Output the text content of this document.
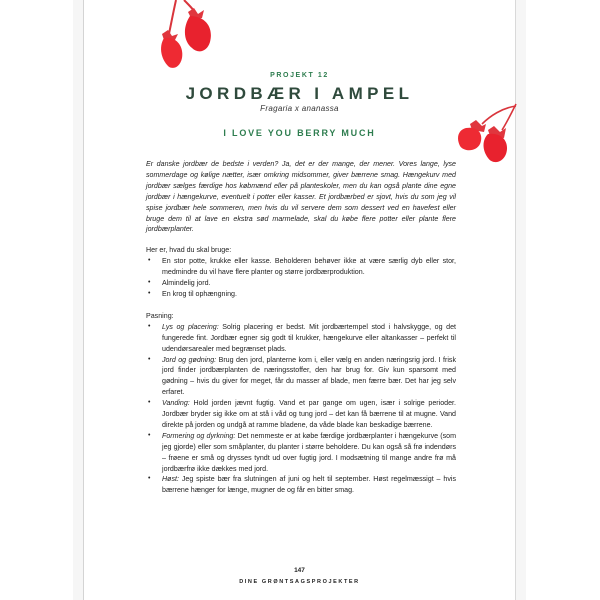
PROJEKT 12
JORDBÆR I AMPEL
Fragaria x ananassa
I LOVE YOU BERRY MUCH

Er danske jordbær de bedste i verden? Ja, det er der mange, der mener. Vores lange, lyse sommerdage og kølige nætter, især omkring midsommer, giver bærrene smag. Hængekurv med jordbær sælges færdige hos købmænd eller på planteskoler, men du kan også plante dine egne jordbær i hængekurve, eventuelt i potter eller kasser. Et jordbærbed er sjovt, hvis du som jeg vil spise jordbær hele sommeren, men hvis du vil servere dem som dessert ved en havefest eller bruge dem til at lave en ekstra sød marmelade, skal du købe flere potter eller plante flere jordbærplanter.

Her er, hvad du skal bruge:

• En stor potte, krukke eller kasse. Beholderen behøver ikke at være særlig dyb eller stor, medmindre du vil have flere planter og større jordbærproduktion.
• Almindelig jord.
• En krog til ophængning.

Pasning:

• Lys og placering: Solrig placering er bedst. Mit jordbærtempel stod i halvskygge, og det fungerede fint. Jordbær egner sig godt til krukker, hængekurve eller altankasser – perfekt til udendørsarealer med begrænset plads.
• Jord og gødning: Brug den jord, planterne kom i, eller vælg en anden næringsrig jord. I frisk jord finder jordbærplanten de næringsstoffer, den har brug for. Giv kun sparsomt med gødning – hvis du giver for meget, får du masser af blade, men færre bær. Det har jeg selv erfaret.
• Vanding: Hold jorden jævnt fugtig. Vand et par gange om ugen, især i solrige perioder. Jordbær bryder sig ikke om at stå i våd og tung jord – det kan få bærrene til at mugne. Vand direkte på jorden og undgå at ramme bladene, da våde blade kan beskadige bærrene.
• Formering og dyrkning: Det nemmeste er at købe færdige jordbærplanter i hængekurve (som jeg gjorde) eller som småplanter, du planter i større beholdere. Du kan også så frø indendørs – frøene er små og drysses tyndt ud over fugtig jord. I modsætning til mange andre frø må jordbærfrø ikke dækkes med jord.
• Høst: Jeg spiste bær fra slutningen af juni og helt til september. Høst regelmæssigt – hvis bærrene hænger for længe, mugner de og får en bitter smag.
147
DINE GRØNTSAGSPROJEKTER
